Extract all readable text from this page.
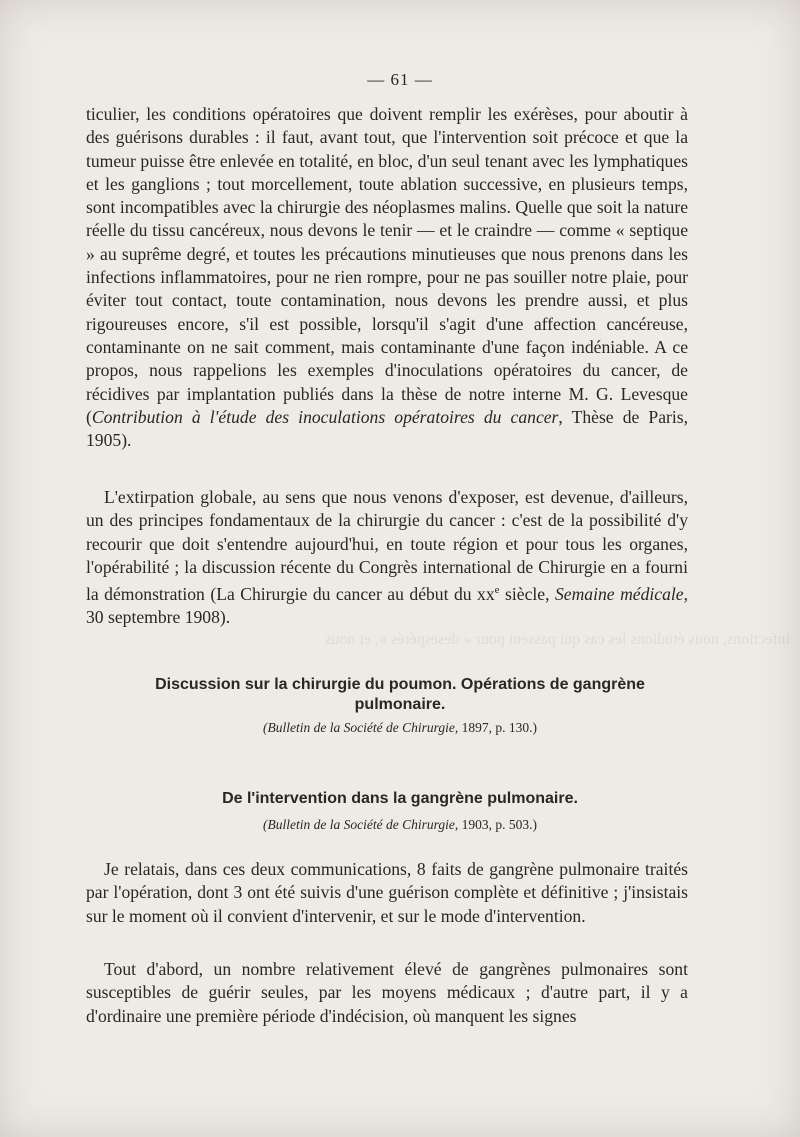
— 61 —

ticulier, les conditions opératoires que doivent remplir les exérèses, pour aboutir à des guérisons durables : il faut, avant tout, que l'intervention soit précoce et que la tumeur puisse être enlevée en totalité, en bloc, d'un seul tenant avec les lymphatiques et les ganglions ; tout morcellement, toute ablation successive, en plusieurs temps, sont incompatibles avec la chirurgie des néoplasmes malins. Quelle que soit la nature réelle du tissu cancéreux, nous devons le tenir — et le craindre — comme « septique » au suprême degré, et toutes les précautions minutieuses que nous prenons dans les infections inflammatoires, pour ne rien rompre, pour ne pas souiller notre plaie, pour éviter tout contact, toute contamination, nous devons les prendre aussi, et plus rigoureuses encore, s'il est possible, lorsqu'il s'agit d'une affection cancéreuse, contaminante on ne sait comment, mais contaminante d'une façon indéniable. A ce propos, nous rappelions les exemples d'inoculations opératoires du cancer, de récidives par implantation publiés dans la thèse de notre interne M. G. Levesque (Contribution à l'étude des inoculations opératoires du cancer, Thèse de Paris, 1905).

L'extirpation globale, au sens que nous venons d'exposer, est devenue, d'ailleurs, un des principes fondamentaux de la chirurgie du cancer : c'est de la possibilité d'y recourir que doit s'entendre aujourd'hui, en toute région et pour tous les organes, l'opérabilité ; la discussion récente du Congrès international de Chirurgie en a fourni la démonstration (La Chirurgie du cancer au début du $xx^e$ siècle, Semaine médicale, 30 septembre 1908).

infections, nous étudions les cas qui passent pour « desespérés », et nous
Discussion sur la chirurgie du poumon. Opérations de gangrène
pulmonaire.
(Bulletin de la Société de Chirurgie, 1897, p. 130.)
De l'intervention dans la gangrène pulmonaire.
(Bulletin de la Société de Chirurgie, 1903, p. 503.)

Je relatais, dans ces deux communications, 8 faits de gangrène pulmonaire traités par l'opération, dont 3 ont été suivis d'une guérison complète et définitive ; j'insistais sur le moment où il convient d'intervenir, et sur le mode d'intervention.

Tout d'abord, un nombre relativement élevé de gangrènes pulmonaires sont susceptibles de guérir seules, par les moyens médicaux ; d'autre part, il y a d'ordinaire une première période d'indécision, où manquent les signes
